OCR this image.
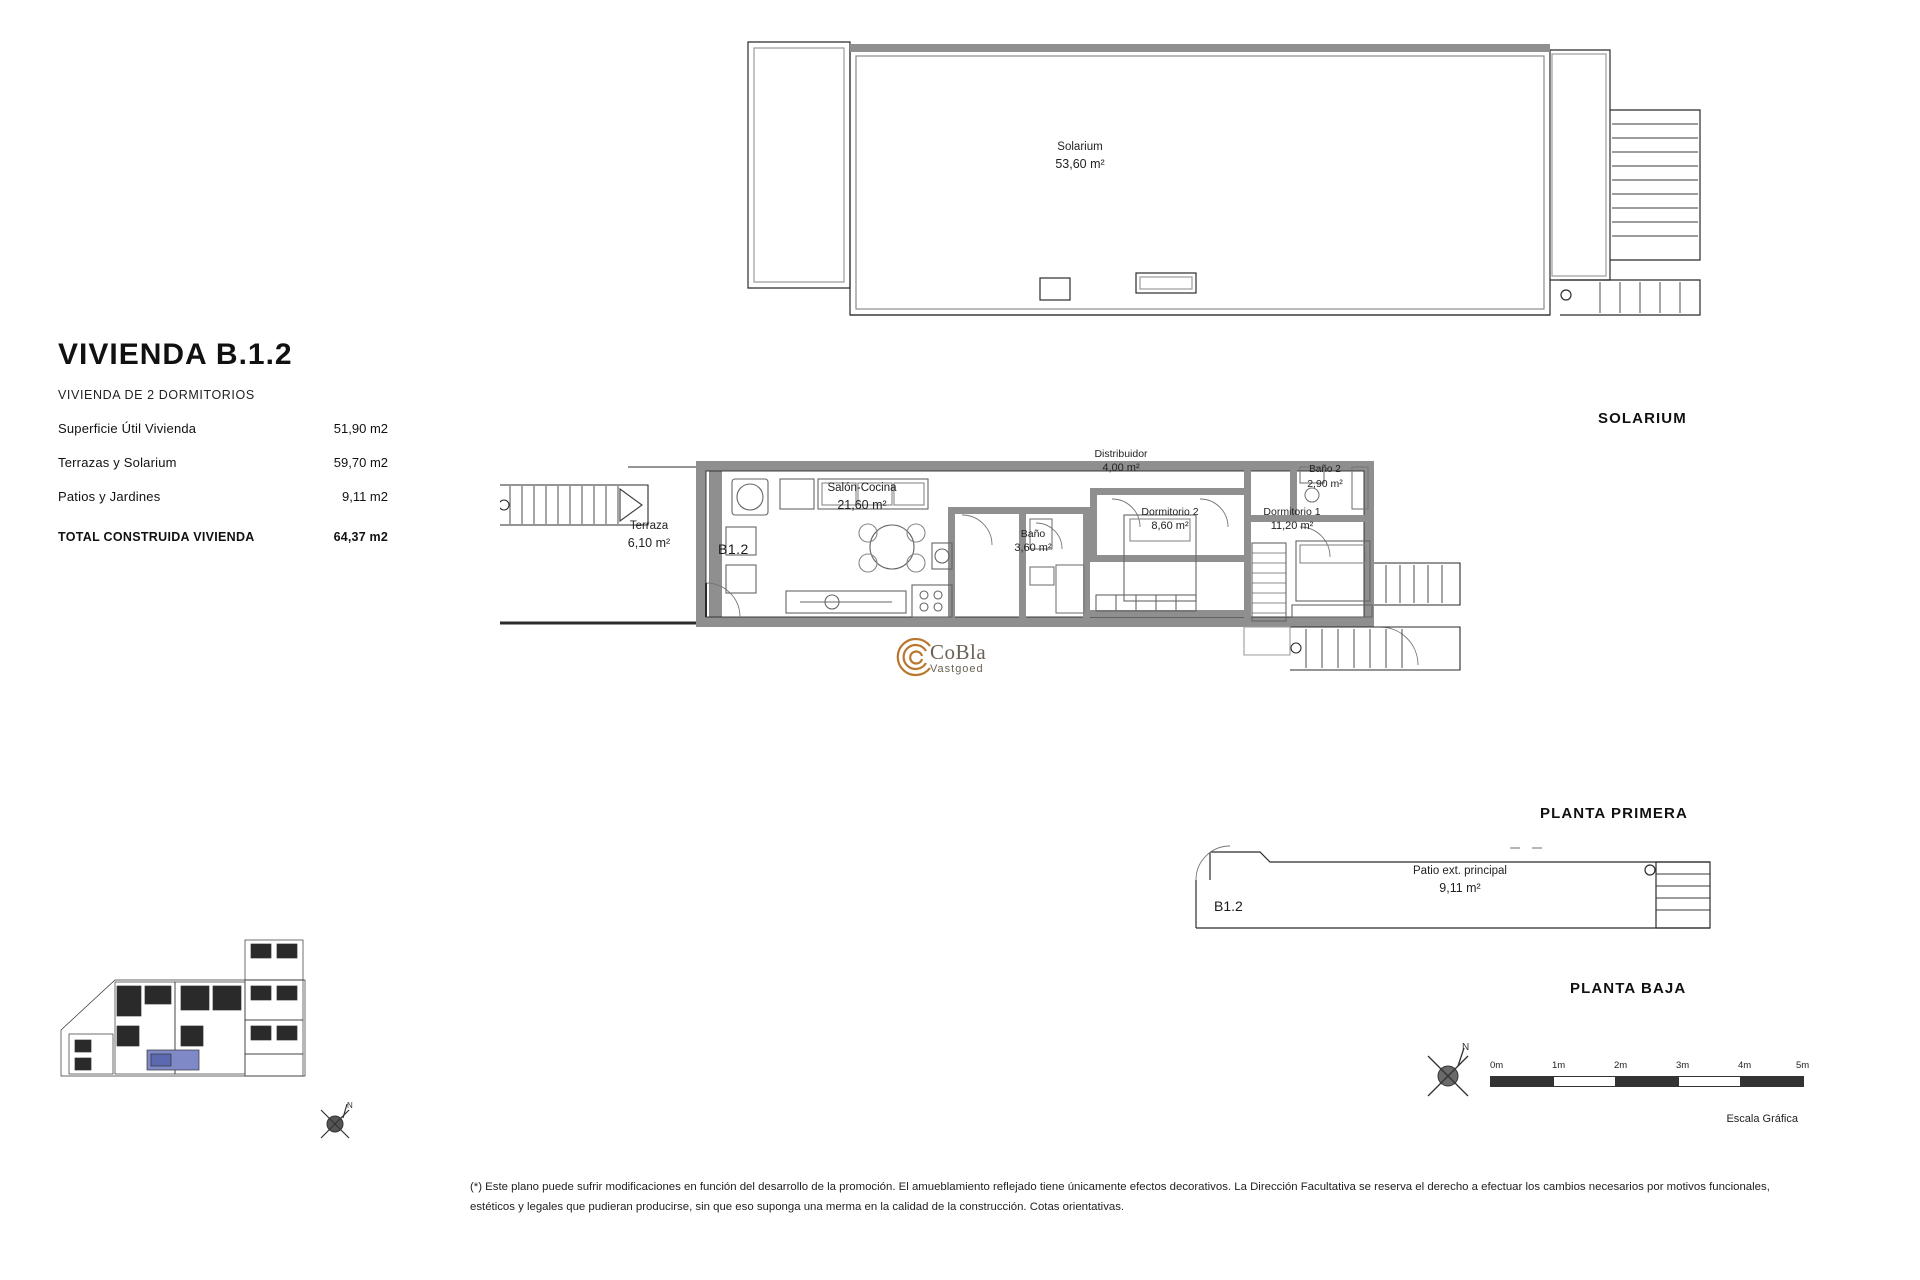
VIVIENDA B.1.2
VIVIENDA DE 2 DORMITORIOS
Superficie Útil Vivienda	51,90 m2
Terrazas y Solarium	59,70 m2
Patios y Jardines	9,11 m2
TOTAL CONSTRUIDA VIVIENDA	64,37 m2
Solarium
53,60 m²
SOLARIUM
Terraza
6,10 m²	B1.2
Salón-Cocina
21,60 m²
Baño
3,60 m²
Distribuidor
4,00 m²
Dormitorio 2
8,60 m²
Baño 2
2,90 m²
Dormitorio 1
11,20 m²
CoBla
Vastgoed
PLANTA PRIMERA
B1.2
Patio ext. principal
9,11 m²
PLANTA BAJA
N
N
0m	1m	2m	3m	4m	5m
Escala Gráfica
(*) Este plano puede sufrir modificaciones en función del desarrollo de la promoción. El amueblamiento reflejado tiene únicamente efectos decorativos. La Dirección Facultativa se reserva el derecho a efectuar los cambios necesarios por motivos funcionales, estéticos y legales que pudieran producirse, sin que eso suponga una merma en la calidad de la construcción. Cotas orientativas.
